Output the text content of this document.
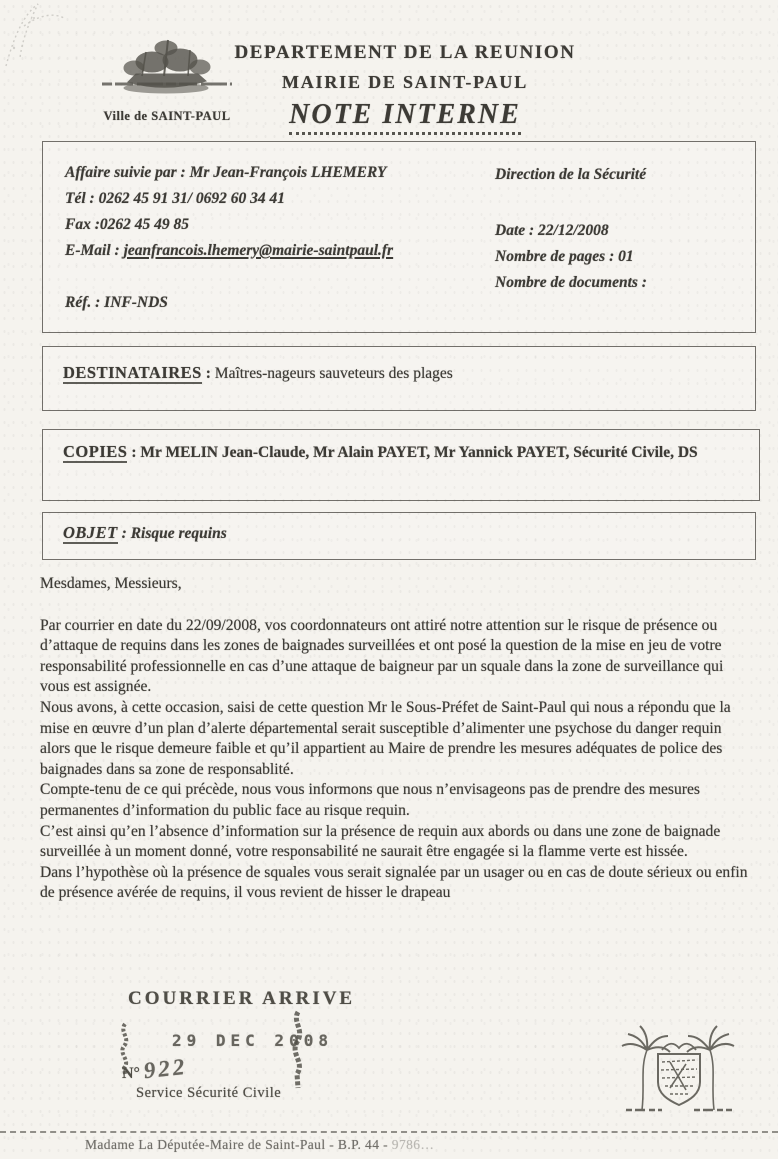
Ville de SAINT-PAUL
DEPARTEMENT DE LA REUNION
MAIRIE DE SAINT-PAUL
NOTE INTERNE
Affaire suivie par : Mr Jean-François LHEMERY
Tél : 0262 45 91 31/ 0692 60 34 41
Fax :0262 45 49 85
E-Mail : jeanfrancois.lhemery@mairie-saintpaul.fr
Direction de la Sécurité
Date : 22/12/2008
Nombre de pages : 01
Nombre de documents :
Réf. : INF-NDS
DESTINATAIRES : Maîtres-nageurs sauveteurs des plages
COPIES : Mr MELIN Jean-Claude, Mr Alain PAYET, Mr Yannick PAYET, Sécurité Civile, DS
OBJET : Risque requins

Mesdames, Messieurs,

Par courrier en date du 22/09/2008, vos coordonnateurs ont attiré notre attention sur le risque de présence ou d’attaque de requins dans les zones de baignades surveillées et ont posé la question de la mise en jeu de votre responsabilité professionnelle en cas d’une attaque de baigneur par un squale dans la zone de surveillance qui vous est assignée.

Nous avons, à cette occasion, saisi de cette question Mr le Sous-Préfet de Saint-Paul qui nous a répondu que la mise en œuvre d’un plan d’alerte départemental serait susceptible d’alimenter une psychose du danger requin alors que le risque demeure faible et qu’il appartient au Maire de prendre les mesures adéquates de police des baignades dans sa zone de responsablité.

Compte-tenu de ce qui précède, nous vous informons que nous n’envisageons pas de prendre des mesures permanentes d’information du public face au risque requin.

C’est ainsi qu’en l’absence d’information sur la présence de requin aux abords ou dans une zone de baignade surveillée à un moment donné, votre responsabilité ne saurait être engagée si la flamme verte est hissée.

Dans l’hypothèse où la présence de squales vous serait signalée par un usager ou en cas de doute sérieux ou enfin de présence avérée de requins, il vous revient de hisser le drapeau

COURRIER ARRIVE
29 DEC 2008
N° 922
Service Sécurité Civile
Madame La Députée-Maire de Saint-Paul - B.P. 44 - 9786…
